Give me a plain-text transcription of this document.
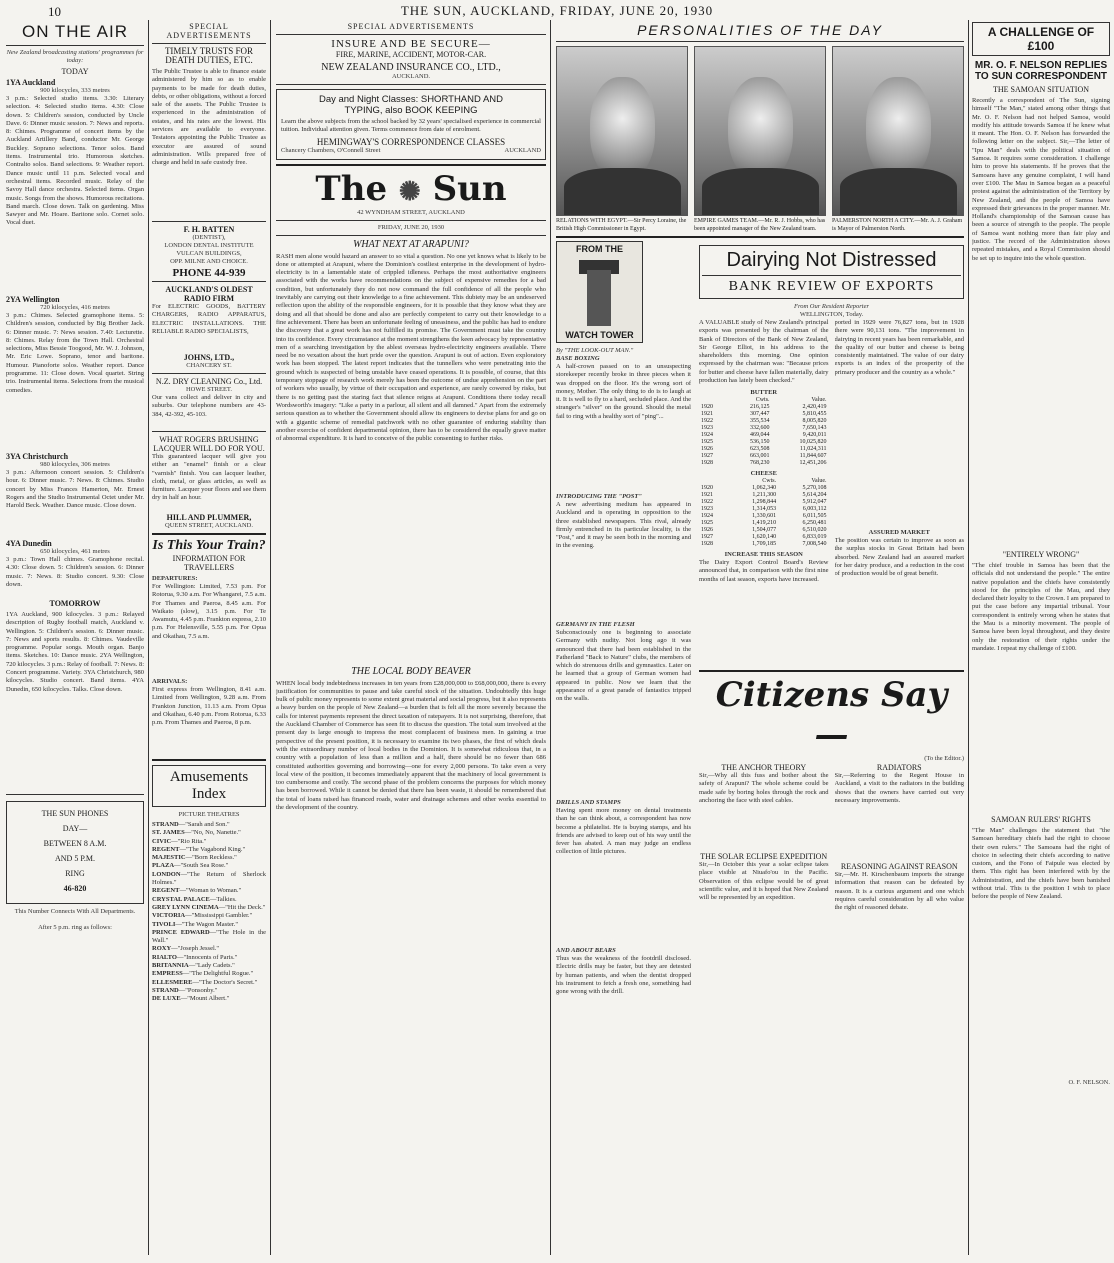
10	THE SUN, AUCKLAND, FRIDAY, JUNE 20, 1930
ON THE AIR
New Zealand broadcasting stations' programmes for today:
TODAY
1YA Auckland
900 kilocycles, 333 metres
3 p.m.: Selected studio items. 3.30: Literary selection. 4: Selected studio items. 4.30: Close down. 5: Children's session, conducted by Uncle Dave. 6: Dinner music session. 7: News and reports. 8: Chimes. Programme of concert items by the Auckland Artillery Band, conductor Mr. George Buckley. Soprano selections. Tenor solos. Band items. Instrumental trio. Humorous sketches. Contralto solos. Band selections. 9: Weather report. Dance music until 11 p.m. Selected vocal and orchestral items. Recorded music. Relay of the Savoy Hall dance orchestra. Selected items. Organ music. Songs from the shows. Humorous recitations. Band march. Close down. Talk on gardening. Miss Sawyer and Mr. Hoare. Baritone solo. Cornet solo. Vocal duet.
2YA Wellington
720 kilocycles, 416 metres
3 p.m.: Chimes. Selected gramophone items. 5: Children's session, conducted by Big Brother Jack. 6: Dinner music. 7: News session. 7.40: Lecturette. 8: Chimes. Relay from the Town Hall. Orchestral selections, Miss Bessie Toogood, Mr. W. J. Johnson, Mr. Eric Lowe. Soprano, tenor and baritone. Humour. Pianoforte solos. Weather report. Dance programme. 11: Close down. Vocal quartet. String trio. Instrumental items. Selections from the musical comedies.
3YA Christchurch
980 kilocycles, 306 metres
3 p.m.: Afternoon concert session. 5: Children's hour. 6: Dinner music. 7: News. 8: Chimes. Studio concert by Miss Frances Hamerton, Mr. Ernest Rogers and the Studio Instrumental Octet under Mr. Harold Beck. Weather. Dance music. Close down.
4YA Dunedin
650 kilocycles, 461 metres
3 p.m.: Town Hall chimes. Gramophone recital. 4.30: Close down. 5: Children's session. 6: Dinner music. 7: News. 8: Studio concert. 9.30: Close down.
TOMORROW
1YA Auckland, 900 kilocycles. 3 p.m.: Relayed description of Rugby football match, Auckland v. Wellington. 5: Children's session. 6: Dinner music. 7: News and sports results. 8: Chimes. Vaudeville programme. Popular songs. Mouth organ. Banjo items. Sketches. 10: Dance music. 2YA Wellington, 720 kilocycles. 3 p.m.: Relay of football. 7: News. 8: Concert programme. Variety. 3YA Christchurch, 980 kilocycles. Studio concert. Band items. 4YA Dunedin, 650 kilocycles. Talks. Close down.
THE SUN PHONES
DAY—
BETWEEN 8 A.M.
AND 5 P.M.
RING
46-820
This Number Connects With All Departments.
After 5 p.m. ring as follows:
SPECIAL ADVERTISEMENTS
TIMELY TRUSTS FOR DEATH DUTIES, ETC.
The Public Trustee is able to finance estate administered by him so as to enable payments to be made for death duties, debts, or other obligations, without a forced sale of the assets. The Public Trustee is experienced in the administration of estates, and his rates are the lowest. His services are available to everyone. Testators appointing the Public Trustee as executor are assured of sound administration. Wills prepared free of charge and held in safe custody free.
F. H. BATTEN
(DENTIST),
LONDON DENTAL INSTITUTE
VULCAN BUILDINGS,
OPP. MILNE AND CHOICE.
PHONE 44-939
AUCKLAND'S OLDEST RADIO FIRM
For ELECTRIC GOODS, BATTERY CHARGERS, RADIO APPARATUS, ELECTRIC INSTALLATIONS. THE RELIABLE RADIO SPECIALISTS,
JOHNS, LTD.,
CHANCERY ST.
N.Z. DRY CLEANING Co., Ltd.
HOWE STREET.
Our vans collect and deliver in city and suburbs. Our telephone numbers are 43-384, 42-392, 45-103.
WHAT ROGERS BRUSHING LACQUER WILL DO FOR YOU.
This guaranteed lacquer will give you either an "enamel" finish or a clear "varnish" finish. You can lacquer leather, cloth, metal, or glass articles, as well as furniture. Lacquer your floors and see them dry in half an hour.
HILL AND PLUMMER,
QUEEN STREET, AUCKLAND.
Is This Your Train?
INFORMATION FOR TRAVELLERS
DEPARTURES:
For Wellington: Limited, 7.53 p.m. For Rotorua, 9.30 a.m. For Whangarei, 7.5 a.m. For Thames and Paeroa, 8.45 a.m. For Waikato (slow), 3.15 p.m. For Te Awamutu, 4.45 p.m. Frankton express, 2.10 p.m. For Helensville, 5.55 p.m. For Opua and Okaihau, 7.5 a.m.
ARRIVALS:
First express from Wellington, 8.41 a.m. Limited from Wellington, 9.28 a.m. From Frankton Junction, 11.13 a.m. From Opua and Okaihau, 6.40 p.m. From Rotorua, 6.33 p.m. From Thames and Paeroa, 8 p.m.
Amusements Index
PICTURE THEATRES
STRAND—"Sarah and Son."
ST. JAMES—"No, No, Nanette."
CIVIC—"Rio Rita."
REGENT—"The Vagabond King."
MAJESTIC—"Born Reckless."
PLAZA—"South Sea Rose."
LONDON—"The Return of Sherlock Holmes."
REGENT—"Woman to Woman."
CRYSTAL PALACE—Talkies.
GREY LYNN CINEMA—"Hit the Deck."
VICTORIA—"Mississippi Gambler."
TIVOLI—"The Wagon Master."
PRINCE EDWARD—"The Hole in the Wall."
ROXY—"Joseph Jessel."
RIALTO—"Innocents of Paris."
BRITANNIA—"Lady Cadets."
EMPRESS—"The Delightful Rogue."
ELLESMERE—"The Doctor's Secret."
STRAND—"Ponsonby."
DE LUXE—"Mount Albert."
SPECIAL ADVERTISEMENTS
INSURE AND BE SECURE—
FIRE, MARINE, ACCIDENT, MOTOR-CAR.
NEW ZEALAND INSURANCE CO., LTD.,
AUCKLAND.
Day and Night Classes: SHORTHAND AND
TYPING, also BOOK KEEPING
Learn the above subjects from the school backed by 32 years' specialised experience in commercial tuition. Individual attention given. Terms commence from date of enrolment.
HEMINGWAY'S CORRESPONDENCE CLASSES
Chancery Chambers, O'Connell Street	AUCKLAND
The ✺ Sun
42 WYNDHAM STREET, AUCKLAND
FRIDAY, JUNE 20, 1930
WHAT NEXT AT ARAPUNI?
RASH men alone would hazard an answer to so vital a question. No one yet knows what is likely to be done or attempted at Arapuni, where the Dominion's costliest enterprise in the development of hydro-electricity is in a lamentable state of crippled idleness. Perhaps the most authoritative engineers associated with the works have recommendations on the subject of expensive remedies for a bad condition, but unfortunately they do not now command the full confidence of all the people who inevitably are carrying out their knowledge to a fine achievement. This dubiety may be an undeserved reflection upon the ability of the responsible engineers, for it is possible that they know what they are doing and all that should be done and also are perfectly competent to carry out their knowledge to a fine achievement. There has been an unfortunate feeling of uneasiness, and the public has had to endure the discovery that a great work has not fulfilled its promise. The Government must take the country into its confidence. Every circumstance at the moment strengthens the keen advocacy by representative men of a searching investigation by the ablest overseas hydro-electricity engineers available. There need be no vexation about the hurt pride over the question. Arapuni is out of action. Even exploratory work has been stopped. The latest report indicates that the tunnellers who were penetrating into the ground which is suspected of being unstable have ceased operations. It is possible, of course, that this temporary stoppage of research work merely has been the outcome of undue apprehension on the part of workers who usually, by virtue of their occupation and experience, are rarely cowered by risks, but there is no getting past the staring fact that silence reigns at Arapuni. Conditions there today recall Wordsworth's imagery: "Like a party in a parlour, all silent and all damned." Apart from the extremely serious question as to whether the Government should allow its engineers to devise plans for and go on with a gigantic scheme of remedial patchwork with no other guarantee of enduring stability than another exercise of confident departmental opinion, there has to be considered the equally grave matter of abnormal expenditure. It is hard to conceive of the public consenting to further risks.
THE LOCAL BODY BEAVER
WHEN local body indebtedness increases in ten years from £28,000,000 to £68,000,000, there is every justification for communities to pause and take careful stock of the situation. Undoubtedly this huge bulk of public money represents to some extent great material and social progress, but it also represents a heavy burden on the people of New Zealand—a burden that is felt all the more severely because the calls for interest payments represent the direct taxation of ratepayers. It is not surprising, therefore, that the Auckland Chamber of Commerce has seen fit to discuss the question. The total sum involved at the present day is large enough to impress the most complacent of business men. In gaining a true perspective of the present position, it is necessary to examine its two phases, the first of which deals with the extraordinary number of local bodies in the Dominion. It is somewhat ridiculous that, in a country with a population of less than a million and a half, there should be no fewer than 686 constituted authorities governing and borrowing—one for every 2,000 persons. To take even a very local view of the position, it becomes immediately apparent that the machinery of local government is too cumbersome and costly. The second phase of the problem concerns the purposes for which money has been borrowed. While it cannot be denied that there has been waste, it should be remembered that the total of loans raised has financed roads, water and drainage schemes and other works essential to the development of the country.
PERSONALITIES OF THE DAY
RELATIONS WITH EGYPT.—Sir Percy Loraine, the British High Commissioner in Egypt.
EMPIRE GAMES TEAM.—Mr. R. J. Hobbs, who has been appointed manager of the New Zealand team.
PALMERSTON NORTH A CITY.—Mr. A. J. Graham is Mayor of Palmerston North.
FROM THE
WATCH TOWER
By "THE LOOK-OUT MAN."
BASE BOXING
A half-crown passed on to an unsuspecting storekeeper recently broke in three pieces when it was dropped on the floor. It's the wrong sort of money, Mother. The only thing to do is to laugh at it. It is well to fly to a hard, secluded place. And the stranger's "silver" on the ground. Should the metal fail to ring with a healthy sort of "ping"...
INTRODUCING THE "POST"
A new advertising medium has appeared in Auckland and is operating in opposition to the three established newspapers. This rival, already firmly entrenched in its particular locality, is the "Post," and it may be seen both in the morning and in the evening.
GERMANY IN THE FLESH
Subconsciously one is beginning to associate Germany with nudity. Not long ago it was announced that there had been established in the Fatherland "Back to Nature" clubs, the members of which do strenuous drills and gymnastics. Later on he learned that a group of German women had appeared in public. Now we learn that the appearance of a great parade of fantastics tripped on the walls.
DRILLS AND STAMPS
Having spent more money on dental treatments than he can think about, a correspondent has now become a philatelist. He is buying stamps, and his friends are advised to keep out of his way until the fever has abated. A man may judge an endless collection of little pictures.
AND ABOUT BEARS
Thus was the weakness of the footdrill disclosed. Electric drills may be faster, but they are detested by human patients, and when the dentist dropped his instrument to fetch a fresh one, something had gone wrong with the drill.
Dairying Not Distressed
BANK REVIEW OF EXPORTS
From Our Resident Reporter
WELLINGTON, Today.
A VALUABLE study of New Zealand's principal exports was presented by the chairman of the Bank of Directors of the Bank of New Zealand, Sir George Elliot, in his address to the shareholders this morning. One opinion expressed by the chairman was: "Because prices for butter and cheese have fallen materially, dairy production has lately been checked."
BUTTER
	Cwts.	Value.
1920	216,125	2,420,419
1921	307,447	5,810,455
1922	355,534	8,005,820
1923	332,600	7,650,143
1924	469,044	9,420,011
1925	536,150	10,025,820
1926	623,508	11,024,311
1927	663,001	11,844,607
1928	768,230	12,451,206
CHEESE
	Cwts.	Value.
1920	1,062,340	5,270,108
1921	1,211,300	5,614,204
1922	1,298,844	5,912,047
1923	1,314,053	6,003,112
1924	1,330,601	6,011,505
1925	1,419,210	6,250,481
1926	1,504,077	6,510,020
1927	1,620,140	6,833,019
1928	1,709,185	7,008,540
INCREASE THIS SEASON
The Dairy Export Control Board's Review announced that, in comparison with the first nine months of last season, exports have increased.
ported in 1929 were 76,827 tons, but in 1928 there were 90,131 tons. "The improvement in dairying in recent years has been remarkable, and the quality of our butter and cheese is being consistently maintained. The value of our dairy exports is an index of the prosperity of the primary producer and the country as a whole."
ASSURED MARKET
The position was certain to improve as soon as the surplus stocks in Great Britain had been absorbed. New Zealand had an assured market for her dairy produce, and a reduction in the cost of production would be of great benefit.
Citizens Say—
(To the Editor.)
THE ANCHOR THEORY
Sir,—Why all this fuss and bother about the safety of Arapuni? The whole scheme could be made safe by boring holes through the rock and anchoring the face with steel cables.
THE SOLAR ECLIPSE EXPEDITION
Sir,—In October this year a solar eclipse takes place visible at Niuafo'ou in the Pacific. Observation of this eclipse would be of great scientific value, and it is hoped that New Zealand will be represented by an expedition.
RADIATORS
Sir,—Referring to the Regent House in Auckland, a visit to the radiators in the building shows that the owners have carried out very necessary improvements.
REASONING AGAINST REASON
Sir,—Mr. H. Kirschenbaum imports the strange information that reason can be defeated by reason. It is a curious argument and one which requires careful consideration by all who value the right of reasoned debate.
A CHALLENGE OF £100
MR. O. F. NELSON REPLIES TO SUN CORRESPONDENT
THE SAMOAN SITUATION
Recently a correspondent of The Sun, signing himself "The Man," stated among other things that Mr. O. F. Nelson had not helped Samoa, would modify his attitude towards Samoa if he knew what it meant. The Hon. O. F. Nelson has forwarded the following letter on the subject. Sir,—The letter of "Ipu Man" deals with the political situation of Samoa. It requires some consideration. I challenge him to prove his statements. If he proves that the Samoans have any genuine complaint, I will hand over £100. The Mau in Samoa began as a peaceful protest against the administration of the Territory by New Zealand, and the people of Samoa have expressed their grievances in the proper manner. Mr. Holland's championship of the Samoan cause has been a source of strength to the people. The people of Samoa want nothing more than fair play and justice. The record of the Administration shows repeated mistakes, and a Royal Commission should be set up to inquire into the whole question.
"ENTIRELY WRONG"
"The chief trouble in Samoa has been that the officials did not understand the people." The entire native population and the chiefs have consistently stood for the principles of the Mau, and they declared their loyalty to the Crown. I am prepared to put the case before any impartial tribunal. Your correspondent is entirely wrong when he states that the Mau is a minority movement. The people of Samoa have been loyal throughout, and they desire only the restoration of their rights under the mandate. I repeat my challenge of £100.
SAMOAN RULERS' RIGHTS
"The Man" challenges the statement that "the Samoan hereditary chiefs had the right to choose their own rulers." The Samoans had the right of choice in selecting their chiefs according to native custom, and the Fono of Faipule was elected by them. This right has been interfered with by the Administration, and the chiefs have been banished without trial. This is the position I wish to place before the people of New Zealand.
O. F. NELSON.
